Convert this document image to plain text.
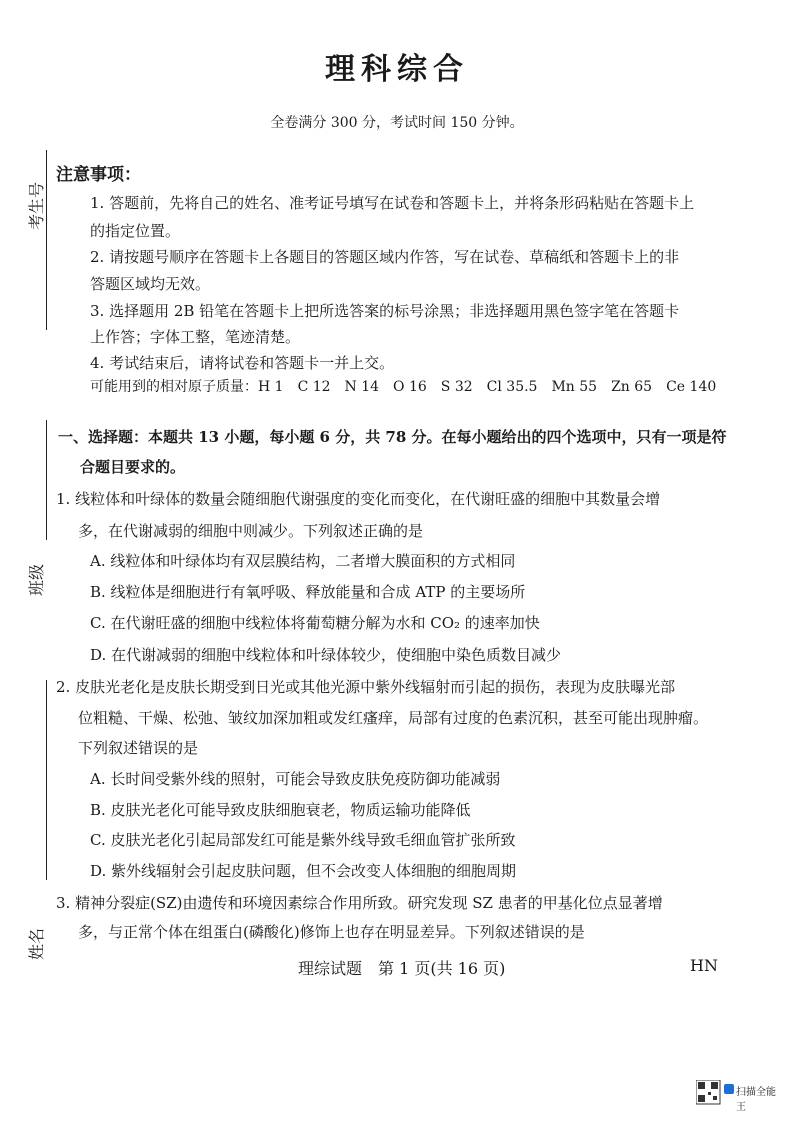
考生号
班级
姓名
理科综合
全卷满分 300 分，考试时间 150 分钟。
注意事项：
1. 答题前，先将自己的姓名、准考证号填写在试卷和答题卡上，并将条形码粘贴在答题卡上
的指定位置。
2. 请按题号顺序在答题卡上各题目的答题区域内作答，写在试卷、草稿纸和答题卡上的非
答题区域均无效。
3. 选择题用 2B 铅笔在答题卡上把所选答案的标号涂黑；非选择题用黑色签字笔在答题卡
上作答；字体工整，笔迹清楚。
4. 考试结束后，请将试卷和答题卡一并上交。
可能用到的相对原子质量：H 1　C 12　N 14　O 16　S 32　Cl 35.5　Mn 55　Zn 65　Ce 140
一、选择题：本题共 13 小题，每小题 6 分，共 78 分。在每小题给出的四个选项中，只有一项是符
合题目要求的。
1. 线粒体和叶绿体的数量会随细胞代谢强度的变化而变化，在代谢旺盛的细胞中其数量会增
多，在代谢减弱的细胞中则减少。下列叙述正确的是
A. 线粒体和叶绿体均有双层膜结构，二者增大膜面积的方式相同
B. 线粒体是细胞进行有氧呼吸、释放能量和合成 ATP 的主要场所
C. 在代谢旺盛的细胞中线粒体将葡萄糖分解为水和 CO₂ 的速率加快
D. 在代谢减弱的细胞中线粒体和叶绿体较少，使细胞中染色质数目减少
2. 皮肤光老化是皮肤长期受到日光或其他光源中紫外线辐射而引起的损伤，表现为皮肤曝光部
位粗糙、干燥、松弛、皱纹加深加粗或发红瘙痒，局部有过度的色素沉积，甚至可能出现肿瘤。
下列叙述错误的是
A. 长时间受紫外线的照射，可能会导致皮肤免疫防御功能减弱
B. 皮肤光老化可能导致皮肤细胞衰老，物质运输功能降低
C. 皮肤光老化引起局部发红可能是紫外线导致毛细血管扩张所致
D. 紫外线辐射会引起皮肤问题，但不会改变人体细胞的细胞周期
3. 精神分裂症(SZ)由遗传和环境因素综合作用所致。研究发现 SZ 患者的甲基化位点显著增
多，与正常个体在组蛋白(磷酸化)修饰上也存在明显差异。下列叙述错误的是
理综试题　第 1 页(共 16 页)	HN
扫描全能王
